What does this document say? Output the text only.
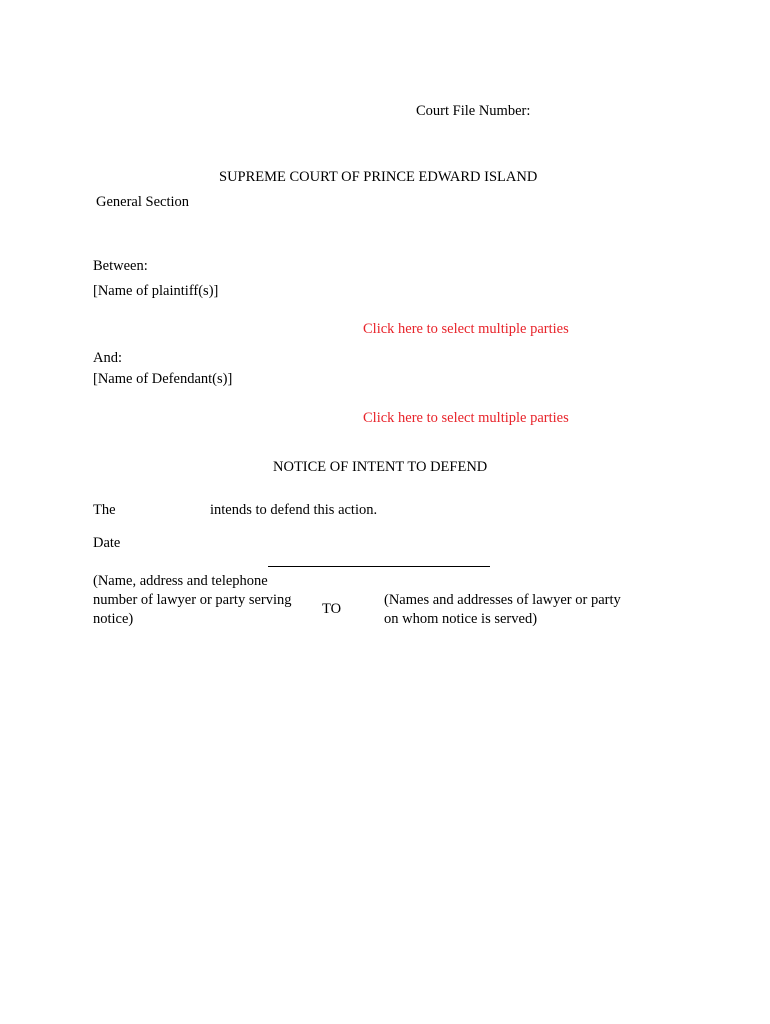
Court File Number:
SUPREME COURT OF PRINCE EDWARD ISLAND
General Section
Between:
[Name of plaintiff(s)]
Click here to select multiple parties
And:
[Name of Defendant(s)]
Click here to select multiple parties
NOTICE OF INTENT TO DEFEND
The	intends to defend this action.
Date
(Name, address and telephone
number of lawyer or party serving
notice)
TO
(Names and addresses of lawyer or party
on whom notice is served)
